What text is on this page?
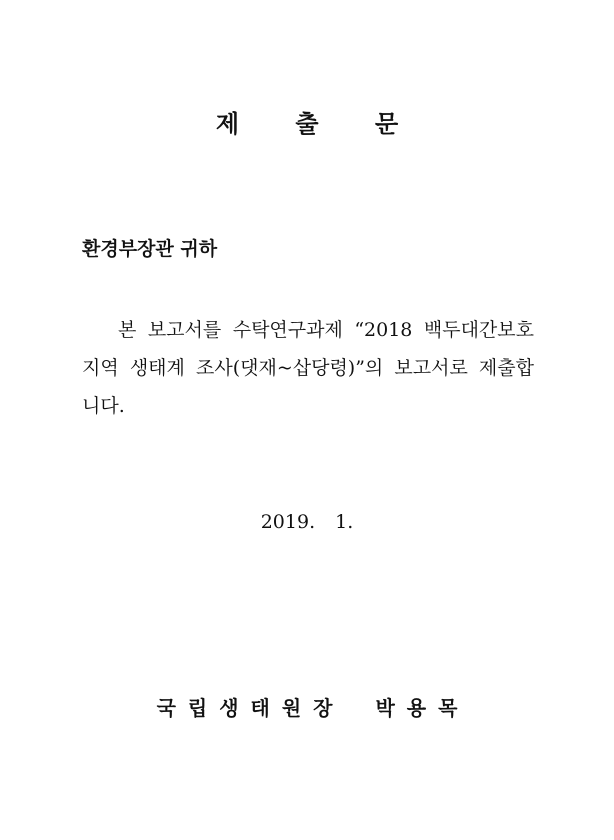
제 출 문
환경부장관 귀하

본 보고서를 수탁연구과제 “2018 백두대간보호지역 생태계 조사(댓재~삽당령)”의 보고서로 제출합니다.

2019. 1.
국립생태원장 박용목
